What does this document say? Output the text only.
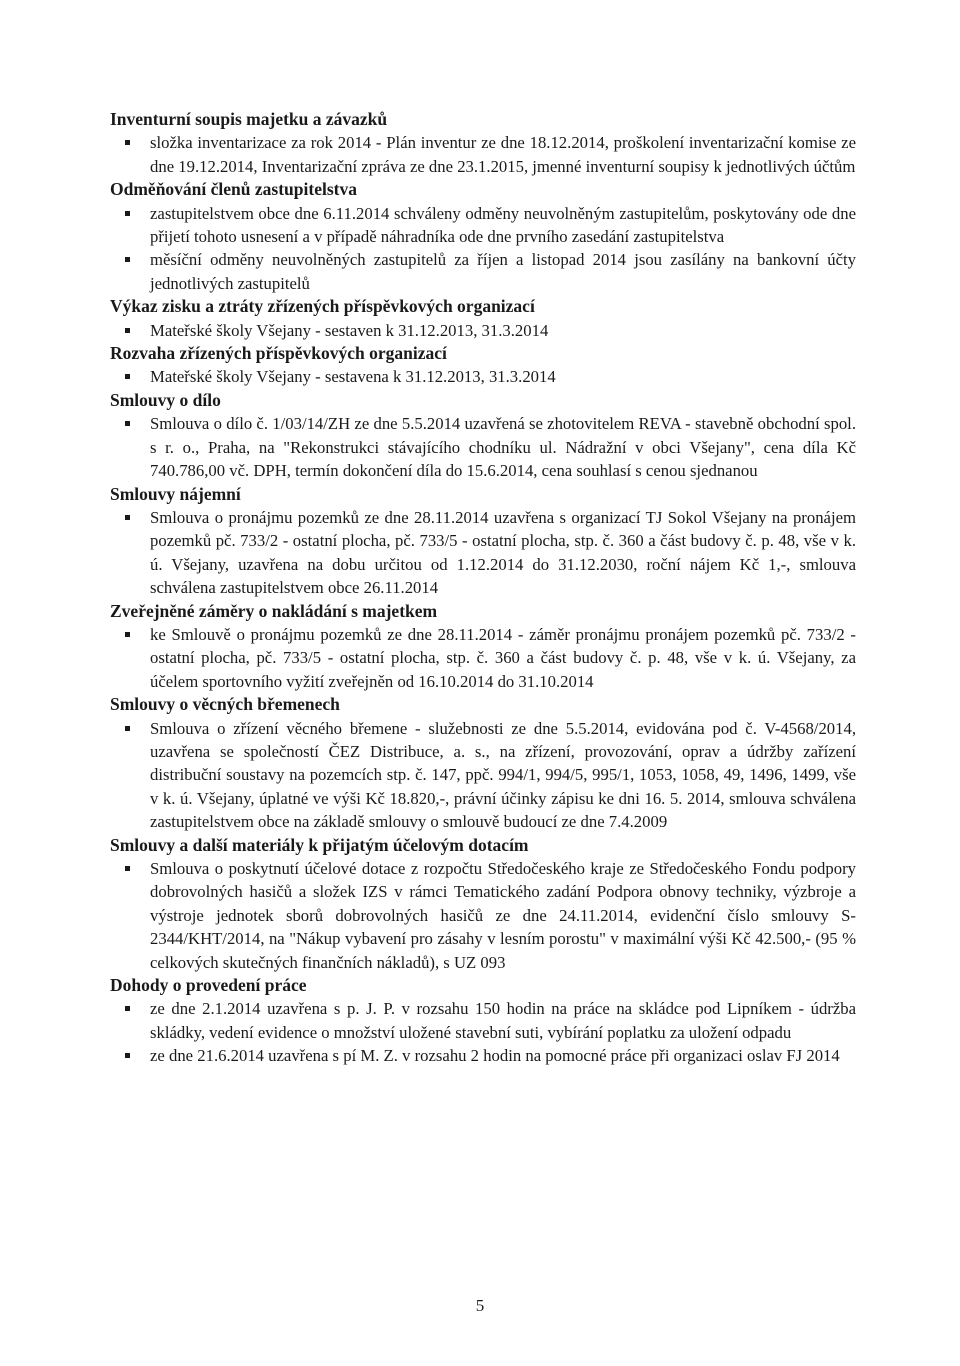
Inventurní soupis majetku a závazků

složka inventarizace za rok 2014 - Plán inventur ze dne 18.12.2014, proškolení inventarizační komise ze dne 19.12.2014, Inventarizační zpráva ze dne 23.1.2015, jmenné inventurní soupisy k jednotlivých účtům

Odměňování členů zastupitelstva

zastupitelstvem obce dne 6.11.2014 schváleny odměny neuvolněným zastupitelům, poskytovány ode dne přijetí tohoto usnesení a v případě náhradníka ode dne prvního zasedání zastupitelstva
měsíční odměny neuvolněných zastupitelů za říjen a listopad 2014 jsou zasílány na bankovní účty jednotlivých zastupitelů

Výkaz zisku a ztráty zřízených příspěvkových organizací

Mateřské školy Všejany - sestaven k 31.12.2013, 31.3.2014

Rozvaha zřízených příspěvkových organizací

Mateřské školy Všejany - sestavena k 31.12.2013, 31.3.2014

Smlouvy o dílo

Smlouva o dílo č. 1/03/14/ZH ze dne 5.5.2014 uzavřená se zhotovitelem REVA - stavebně obchodní spol. s r. o., Praha, na "Rekonstrukci stávajícího chodníku ul. Nádražní v obci Všejany", cena díla Kč 740.786,00 vč. DPH, termín dokončení díla do 15.6.2014, cena souhlasí s cenou sjednanou

Smlouvy nájemní

Smlouva o pronájmu pozemků ze dne 28.11.2014 uzavřena s organizací TJ Sokol Všejany na pronájem pozemků pč. 733/2 - ostatní plocha, pč. 733/5 - ostatní plocha, stp. č. 360 a část budovy č. p. 48, vše v k. ú. Všejany, uzavřena na dobu určitou od 1.12.2014 do 31.12.2030, roční nájem Kč 1,-, smlouva schválena zastupitelstvem obce 26.11.2014

Zveřejněné záměry o nakládání s majetkem

ke Smlouvě o pronájmu pozemků ze dne 28.11.2014 - záměr pronájmu pronájem pozemků pč. 733/2 - ostatní plocha, pč. 733/5 - ostatní plocha, stp. č. 360 a část budovy č. p. 48, vše v k. ú. Všejany, za účelem sportovního vyžití zveřejněn od 16.10.2014 do 31.10.2014

Smlouvy o věcných břemenech

Smlouva o zřízení věcného břemene - služebnosti ze dne 5.5.2014, evidována pod č. V-4568/2014, uzavřena se společností ČEZ Distribuce, a. s., na zřízení, provozování, oprav a údržby zařízení distribuční soustavy na pozemcích stp. č. 147, ppč. 994/1, 994/5, 995/1, 1053, 1058, 49, 1496, 1499, vše v k. ú. Všejany, úplatné ve výši Kč 18.820,-, právní účinky zápisu ke dni 16. 5. 2014, smlouva schválena zastupitelstvem obce na základě smlouvy o smlouvě budoucí ze dne 7.4.2009

Smlouvy a další materiály k přijatým účelovým dotacím

Smlouva o poskytnutí účelové dotace z rozpočtu Středočeského kraje ze Středočeského Fondu podpory dobrovolných hasičů a složek IZS v rámci Tematického zadání Podpora obnovy techniky, výzbroje a výstroje jednotek sborů dobrovolných hasičů ze dne 24.11.2014, evidenční číslo smlouvy S-2344/KHT/2014, na "Nákup vybavení pro zásahy v lesním porostu" v maximální výši Kč 42.500,- (95 % celkových skutečných finančních nákladů), s UZ 093

Dohody o provedení práce

ze dne 2.1.2014 uzavřena s p. J. P. v rozsahu 150 hodin na práce na skládce pod Lipníkem - údržba skládky, vedení evidence o množství uložené stavební suti, vybírání poplatku za uložení odpadu
ze dne 21.6.2014 uzavřena s pí M. Z. v rozsahu 2 hodin na pomocné práce při organizaci oslav FJ 2014
5
